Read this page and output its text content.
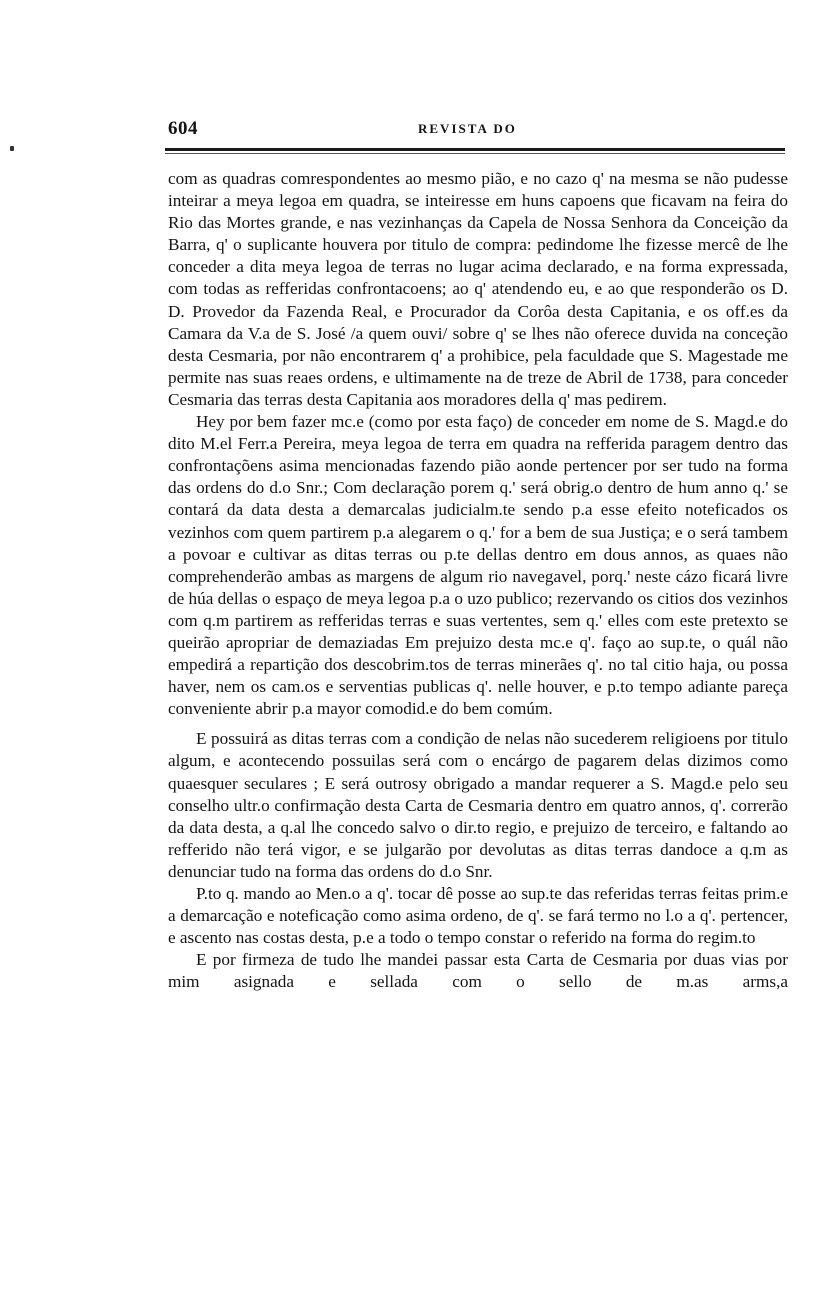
604	REVISTA DO

com as quadras comrespondentes ao mesmo pião, e no cazo q' na mesma se não pudesse inteirar a meya legoa em quadra, se inteiresse em huns capoens que ficavam na feira do Rio das Mortes grande, e nas vezinhanças da Capela de Nossa Senhora da Conceição da Barra, q' o suplicante houvera por titulo de compra: pedindome lhe fizesse mercê de lhe conceder a dita meya legoa de terras no lugar acima declarado, e na forma expressada, com todas as refferidas confrontacoens; ao q' atendendo eu, e ao que responderão os D. D. Provedor da Fazenda Real, e Procurador da Corôa desta Capitania, e os off.es da Camara da V.a de S. José /a quem ouvi/ sobre q' se lhes não oferece duvida na conceção desta Cesmaria, por não encontrarem q' a prohibice, pela faculdade que S. Magestade me permite nas suas reaes ordens, e ultimamente na de treze de Abril de 1738, para conceder Cesmaria das terras desta Capitania aos moradores della q' mas pedirem.

Hey por bem fazer mc.e (como por esta faço) de conceder em nome de S. Magd.e do dito M.el Ferr.a Pereira, meya legoa de terra em quadra na refferida paragem dentro das confrontaçõens asima mencionadas fazendo pião aonde pertencer por ser tudo na forma das ordens do d.o Snr.; Com declaração porem q.' será obrig.o dentro de hum anno q.' se contará da data desta a demarcalas judicialm.te sendo p.a esse efeito noteficados os vezinhos com quem partirem p.a alegarem o q.' for a bem de sua Justiça; e o será tambem a povoar e cultivar as ditas terras ou p.te dellas dentro em dous annos, as quaes não comprehenderão ambas as margens de algum rio navegavel, porq.' neste cázo ficará livre de húa dellas o espaço de meya legoa p.a o uzo publico; rezervando os citios dos vezinhos com q.m partirem as refferidas terras e suas vertentes, sem q.' elles com este pretexto se queirão apropriar de demaziadas Em prejuizo desta mc.e q'. faço ao sup.te, o quál não empedirá a repartição dos descobrim.tos de terras minerães q'. no tal citio haja, ou possa haver, nem os cam.os e serventias publicas q'. nelle houver, e p.to tempo adiante pareça conveniente abrir p.a mayor comodid.e do bem comúm.

E possuirá as ditas terras com a condição de nelas não sucederem religioens por titulo algum, e acontecendo possuilas será com o encárgo de pagarem delas dizimos como quaesquer seculares ; E será outrosy obrigado a mandar requerer a S. Magd.e pelo seu conselho ultr.o confirmação desta Carta de Cesmaria dentro em quatro annos, q'. correrão da data desta, a q.al lhe concedo salvo o dir.to regio, e prejuizo de terceiro, e faltando ao refferido não terá vigor, e se julgarão por devolutas as ditas terras dandoce a q.m as denunciar tudo na forma das ordens do d.o Snr.

P.to q. mando ao Men.o a q'. tocar dê posse ao sup.te das referidas terras feitas prim.e a demarcação e noteficação como asima ordeno, de q'. se fará termo no l.o a q'. pertencer, e ascento nas costas desta, p.e a todo o tempo constar o referido na forma do regim.to

E por firmeza de tudo lhe mandei passar esta Carta de Cesmaria por duas vias por mim asignada e sellada com o sello de m.as arms,a
